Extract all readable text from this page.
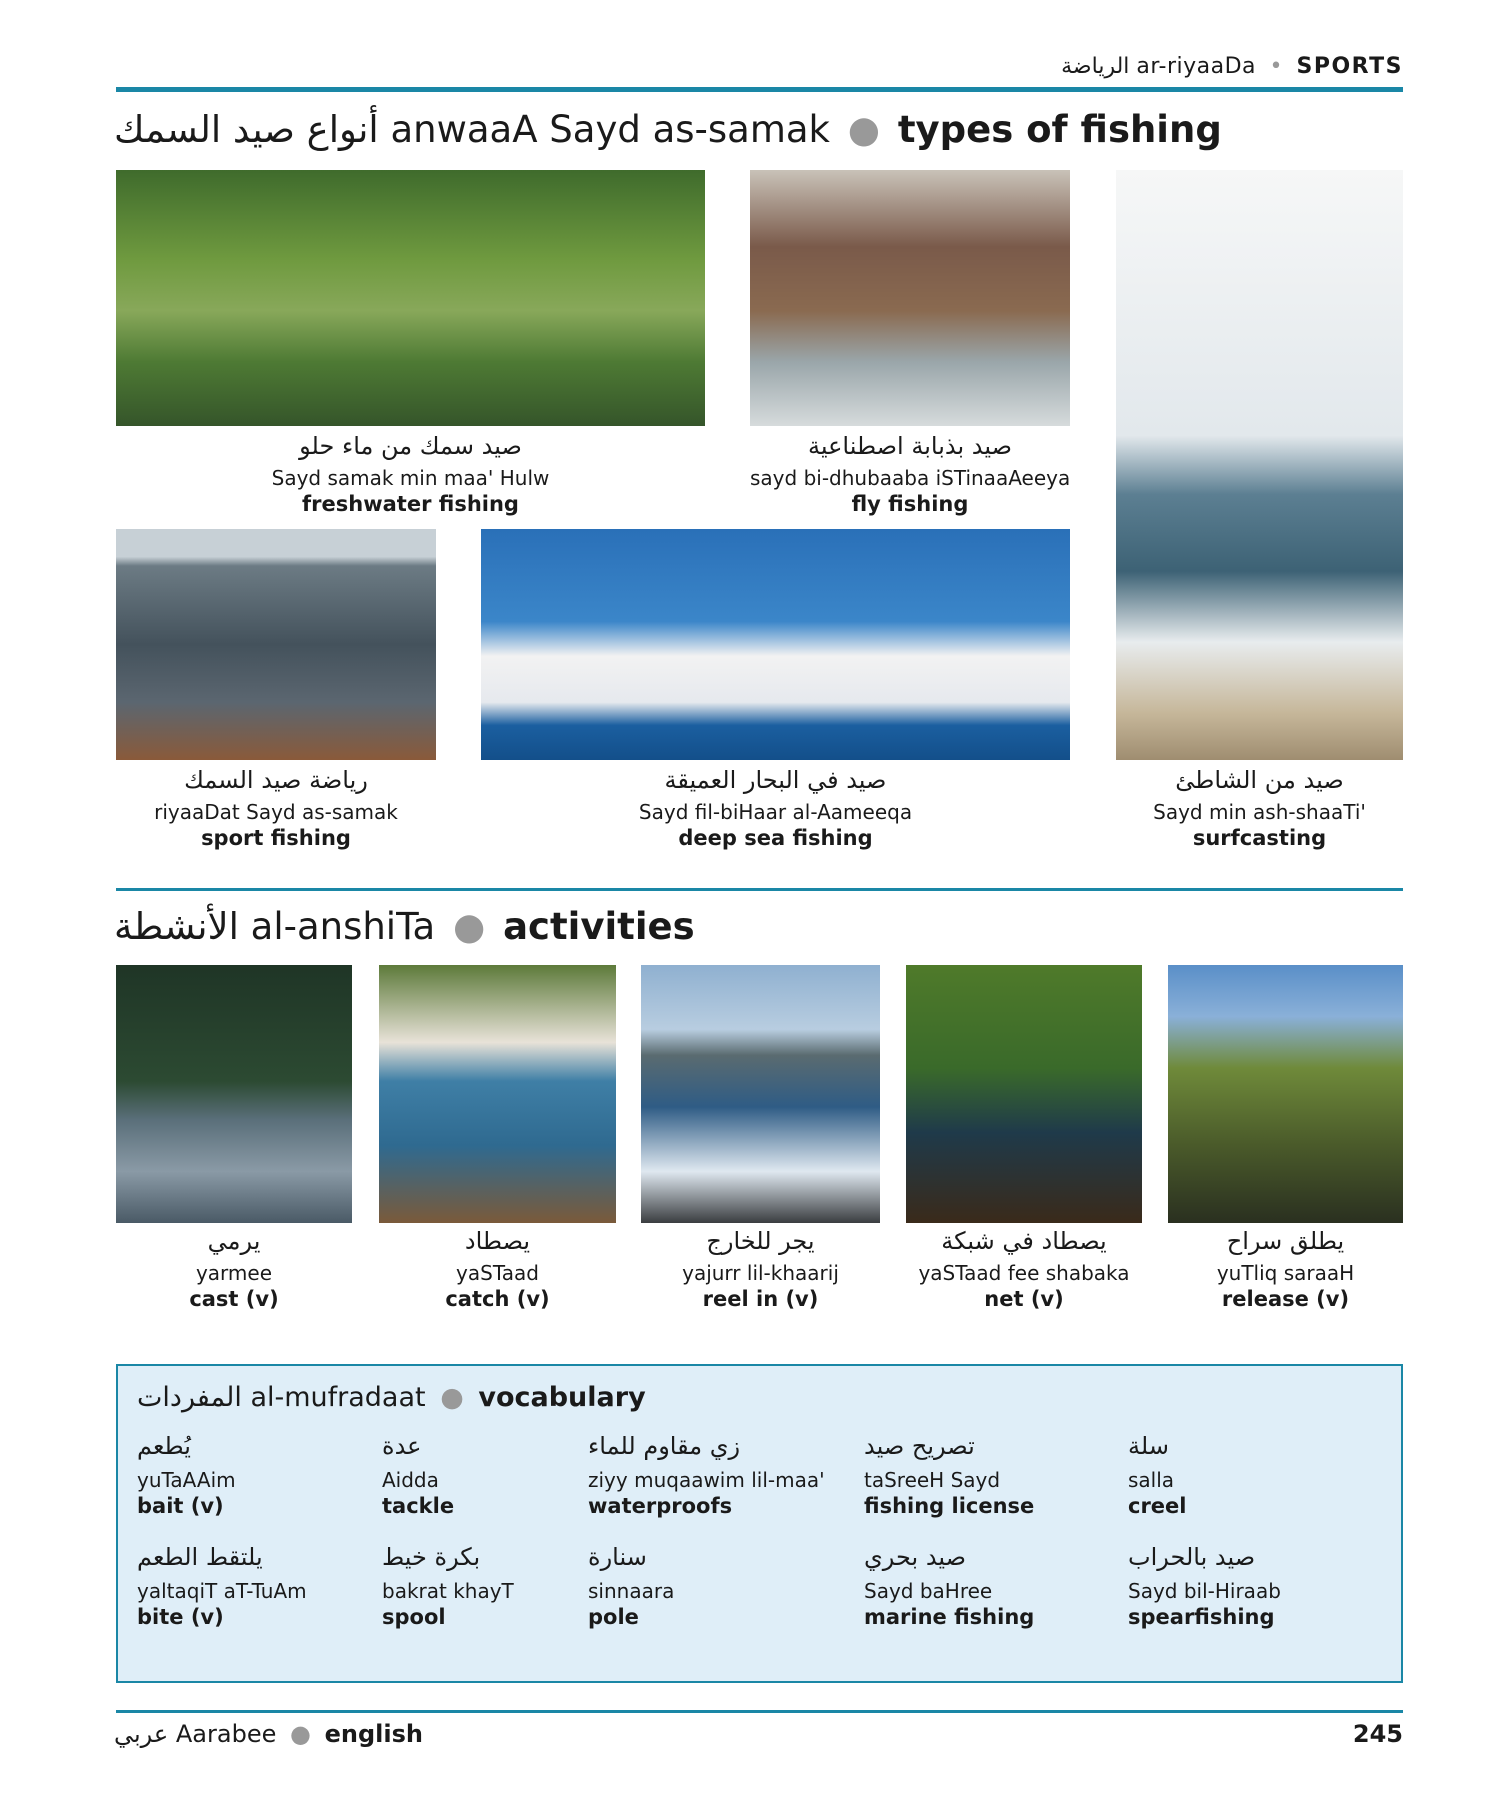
الرياضة ar-riyaaDa • SPORTS
أنواع صيد السمك anwaaA Sayd as-samak ● types of fishing
صيد سمك من ماء حلو
Sayd samak min maa' Hulw
freshwater fishing
صيد بذبابة اصطناعية
sayd bi-dhubaaba iSTinaaAeeya
fly fishing
رياضة صيد السمك
riyaaDat Sayd as-samak
sport fishing
صيد في البحار العميقة
Sayd fil-biHaar al-Aameeqa
deep sea fishing
صيد من الشاطئ
Sayd min ash-shaaTi'
surfcasting
الأنشطة al-anshiTa ● activities
يرمي
yarmee
cast (v)
يصطاد
yaSTaad
catch (v)
يجر للخارج
yajurr lil-khaarij
reel in (v)
يصطاد في شبكة
yaSTaad fee shabaka
net (v)
يطلق سراح
yuTliq saraaH
release (v)
المفردات al-mufradaat ● vocabulary
يُطعم
yuTaAAim
bait (v)
عدة
Aidda
tackle
زي مقاوم للماء
ziyy muqaawim lil-maa'
waterproofs
تصريح صيد
taSreeH Sayd
fishing license
سلة
salla
creel
يلتقط الطعم
yaltaqiT aT-TuAm
bite (v)
بكرة خيط
bakrat khayT
spool
سنارة
sinnaara
pole
صيد بحري
Sayd baHree
marine fishing
صيد بالحراب
Sayd bil-Hiraab
spearfishing
عربي Aarabee ● english	245
